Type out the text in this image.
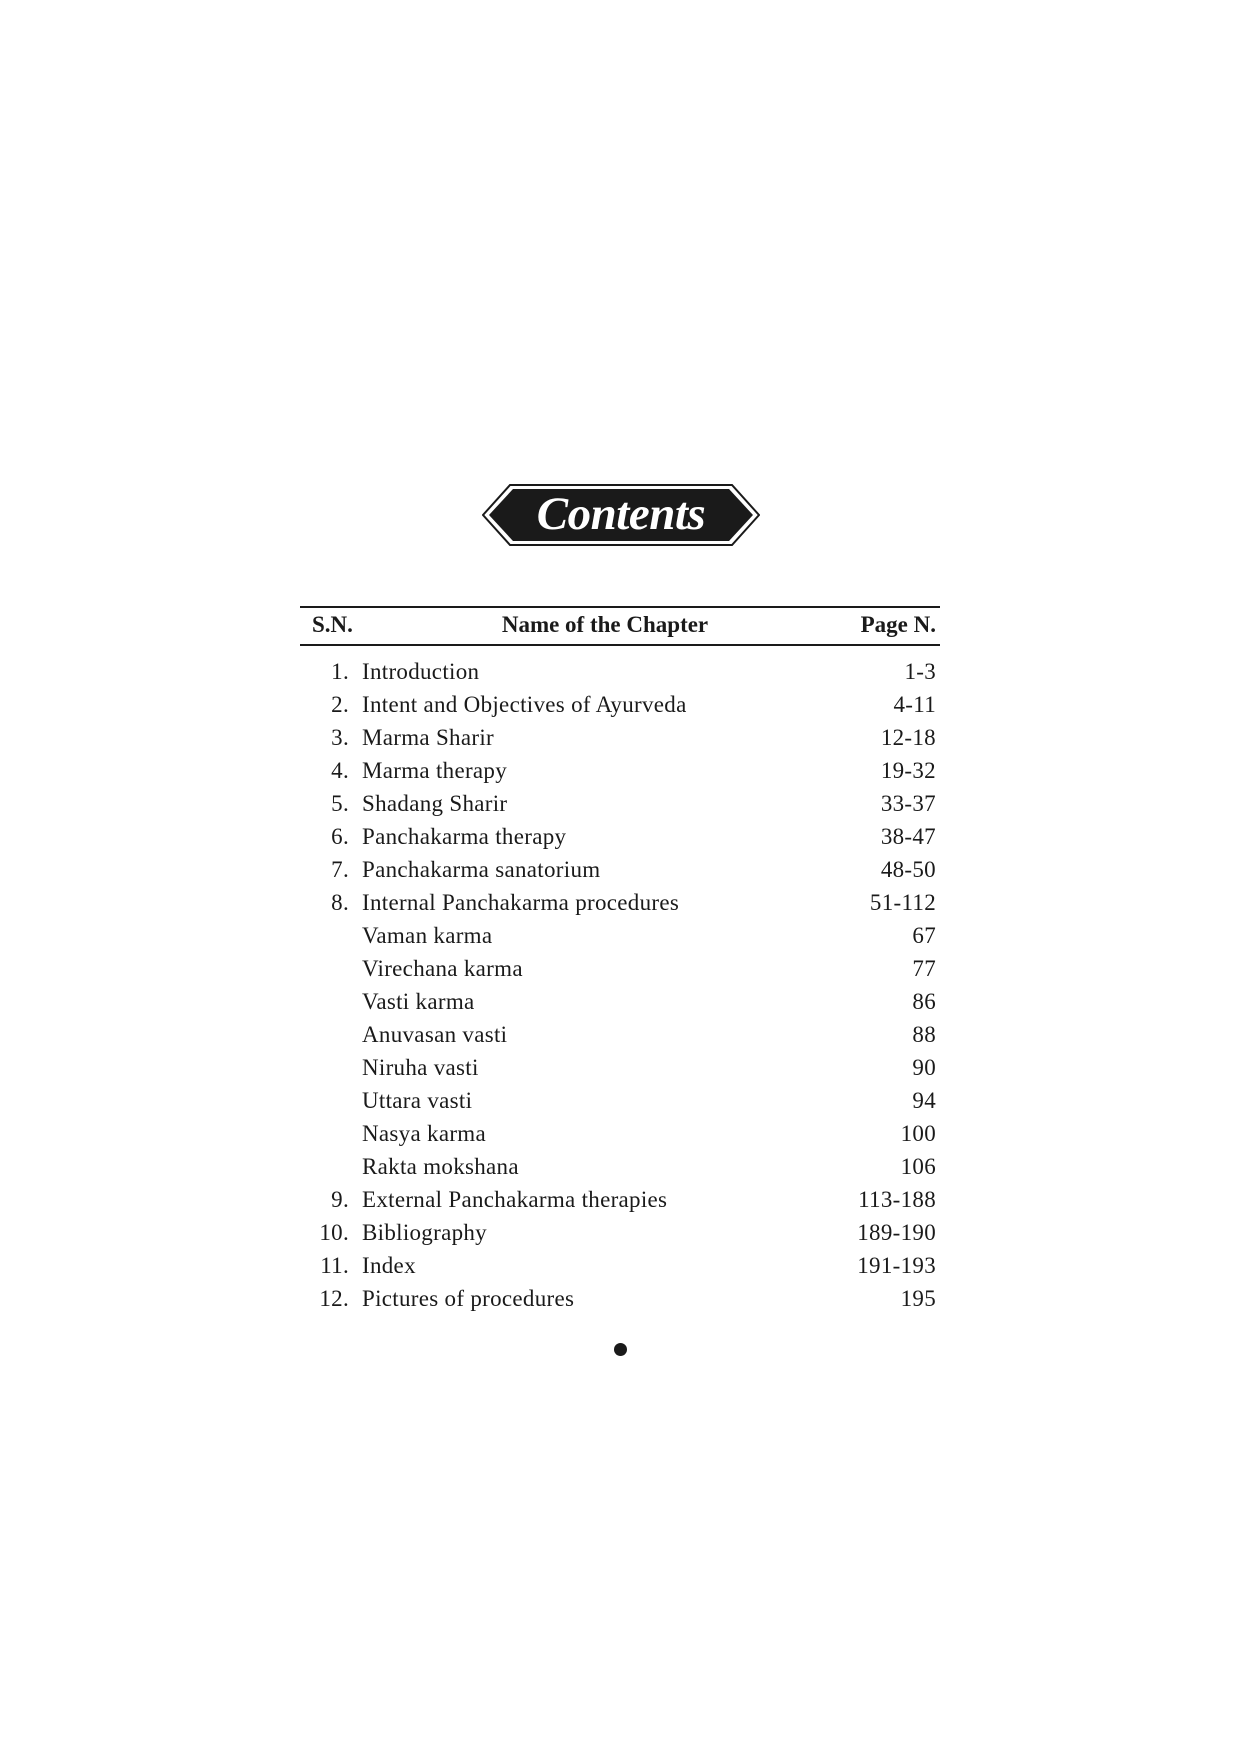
Contents
S.N.	Name of the Chapter	Page N.
1. Introduction	1-3
2. Intent and Objectives of Ayurveda	4-11
3. Marma Sharir	12-18
4. Marma therapy	19-32
5. Shadang Sharir	33-37
6. Panchakarma therapy	38-47
7. Panchakarma sanatorium	48-50
8. Internal Panchakarma procedures	51-112
Vaman karma	67
Virechana karma	77
Vasti karma	86
Anuvasan vasti	88
Niruha vasti	90
Uttara vasti	94
Nasya karma	100
Rakta mokshana	106
9. External Panchakarma therapies	113-188
10. Bibliography	189-190
11. Index	191-193
12. Pictures of procedures	195
